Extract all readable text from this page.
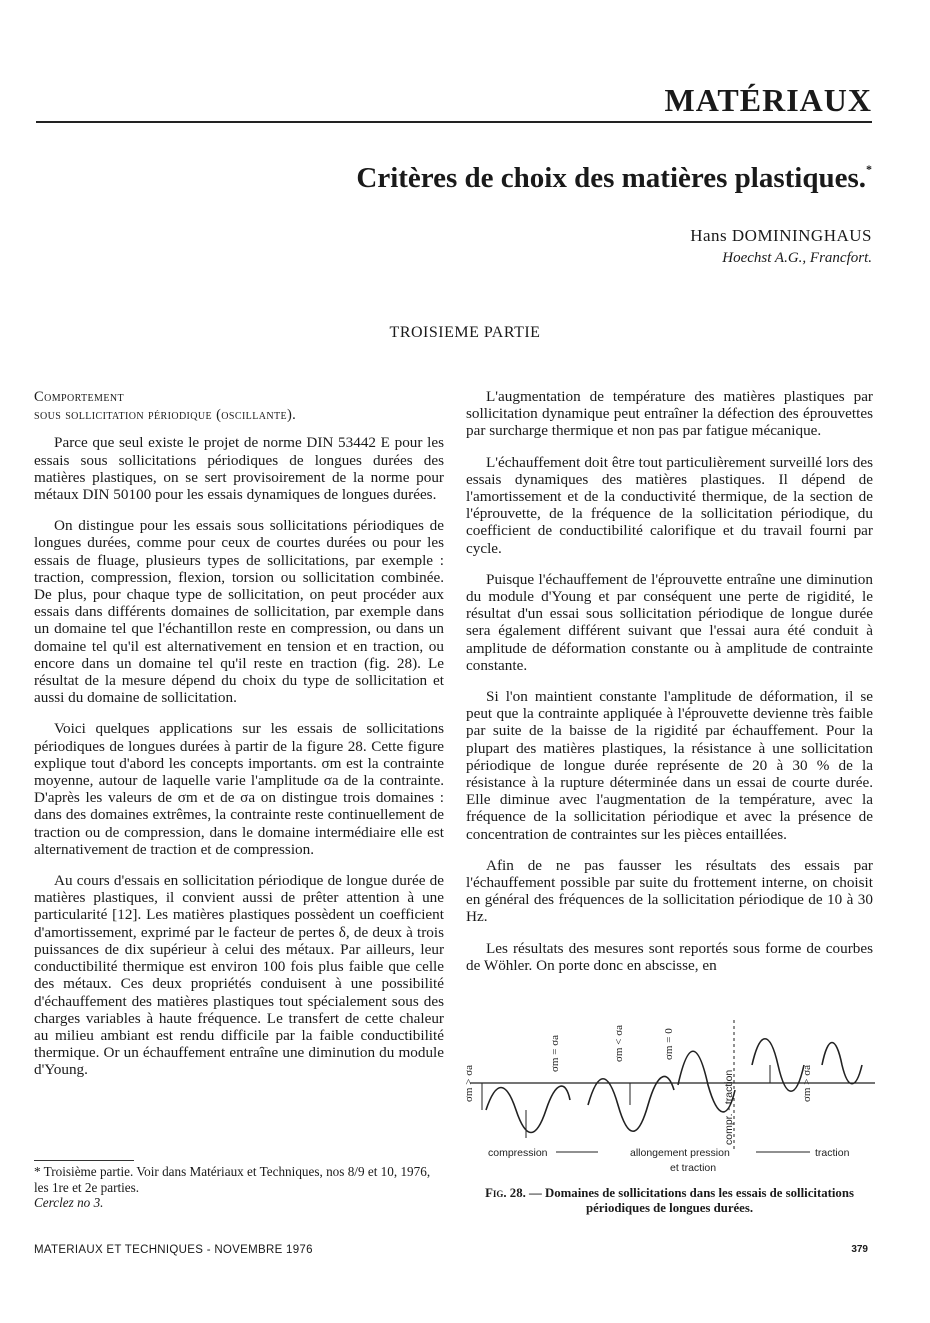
MATÉRIAUX
Critères de choix des matières plastiques.*
Hans DOMININGHAUS
Hoechst A.G., Francfort.
TROISIEME PARTIE

Comportement
sous sollicitation périodique (oscillante).

Parce que seul existe le projet de norme DIN 53442 E pour les essais sous sollicitations périodiques de longues durées des matières plastiques, on se sert provisoirement de la norme pour métaux DIN 50100 pour les essais dynamiques de longues durées.

On distingue pour les essais sous sollicitations périodiques de longues durées, comme pour ceux de courtes durées ou pour les essais de fluage, plusieurs types de sollicitations, par exemple : traction, compression, flexion, torsion ou sollicitation combinée. De plus, pour chaque type de sollicitation, on peut procéder aux essais dans différents domaines de sollicitation, par exemple dans un domaine tel que l'échantillon reste en compression, ou dans un domaine tel qu'il est alternativement en tension et en traction, ou encore dans un domaine tel qu'il reste en traction (fig. 28). Le résultat de la mesure dépend du choix du type de sollicitation et aussi du domaine de sollicitation.

Voici quelques applications sur les essais de sollicitations périodiques de longues durées à partir de la figure 28. Cette figure explique tout d'abord les concepts importants. σm est la contrainte moyenne, autour de laquelle varie l'amplitude σa de la contrainte. D'après les valeurs de σm et de σa on distingue trois domaines : dans des domaines extrêmes, la contrainte reste continuellement de traction ou de compression, dans le domaine intermédiaire elle est alternativement de traction et de compression.

Au cours d'essais en sollicitation périodique de longue durée de matières plastiques, il convient aussi de prêter attention à une particularité [12]. Les matières plastiques possèdent un coefficient d'amortissement, exprimé par le facteur de pertes δ, de deux à trois puissances de dix supérieur à celui des métaux. Par ailleurs, leur conductibilité thermique est environ 100 fois plus faible que celle des métaux. Ces deux propriétés conduisent à une possibilité d'échauffement des matières plastiques tout spécialement sous des charges variables à haute fréquence. Le transfert de cette chaleur au milieu ambiant est rendu difficile par la faible conductibilité thermique. Or un échauffement entraîne une diminution du module d'Young.

L'augmentation de température des matières plastiques par sollicitation dynamique peut entraîner la défection des éprouvettes par surcharge thermique et non pas par fatigue mécanique.

L'échauffement doit être tout particulièrement surveillé lors des essais dynamiques des matières plastiques. Il dépend de l'amortissement et de la conductivité thermique, de la section de l'éprouvette, de la fréquence de la sollicitation périodique, du coefficient de conductibilité calorifique et du travail fourni par cycle.

Puisque l'échauffement de l'éprouvette entraîne une diminution du module d'Young et par conséquent une perte de rigidité, le résultat d'un essai sous sollicitation périodique de longue durée sera également différent suivant que l'essai aura été conduit à amplitude de déformation constante ou à amplitude de contrainte constante.

Si l'on maintient constante l'amplitude de déformation, il se peut que la contrainte appliquée à l'éprouvette devienne très faible par suite de la baisse de la rigidité par échauffement. Pour la plupart des matières plastiques, la résistance à une sollicitation périodique de longue durée représente de 20 à 30 % de la résistance à la rupture déterminée dans un essai de courte durée. Elle diminue avec l'augmentation de la température, avec la fréquence de la sollicitation périodique et avec la présence de concentration de contraintes sur les pièces entaillées.

Afin de ne pas fausser les résultats des essais par l'échauffement possible par suite du frottement interne, on choisit en général des fréquences de la sollicitation périodique de 10 à 30 Hz.

Les résultats des mesures sont reportés sous forme de courbes de Wöhler. On porte donc en abscisse, en

σm > σa
σm = σa	σm < σa	σm = 0
σm > σa
compr. - traction
compression	allongement pression
et traction
traction
Fig. 28. — Domaines de sollicitations dans les essais de sollicitations périodiques de longues durées.
* Troisième partie. Voir dans Matériaux et Techniques, nos 8/9 et 10, 1976, les 1re et 2e parties.
Cerclez no 3.
MATERIAUX ET TECHNIQUES - NOVEMBRE 1976	379
